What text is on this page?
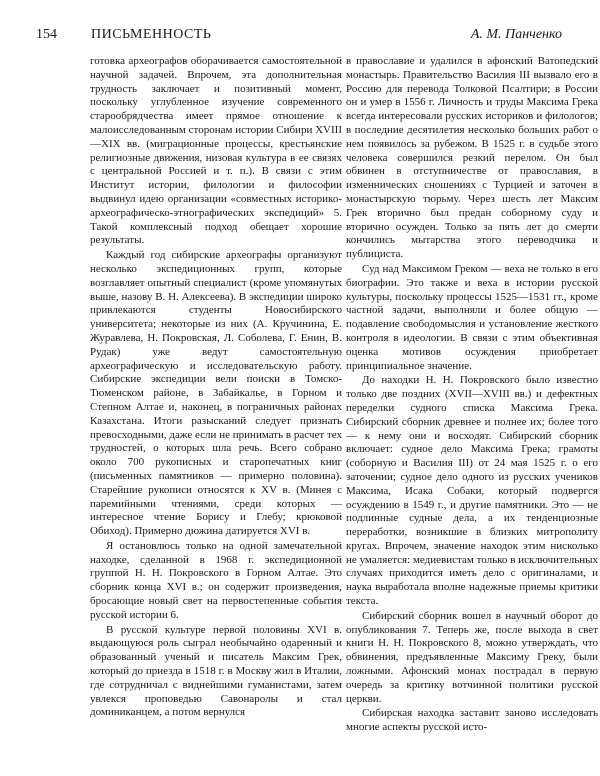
154 ПИСЬМЕННОСТЬ	А. М. Панченко

готовка археографов оборачивается самостоятельной научной задачей. Впрочем, эта дополнительная трудность заключает и позитивный момент, поскольку углубленное изучение современного старообрядчества имеет прямое отношение к малоисследованным сторонам истории Сибири XVIII—XIX вв. (миграционные процессы, крестьянские религиозные движения, низовая культура в ее связях с центральной Россией и т. п.). В связи с этим Институт истории, филологии и философии выдвинул идею организации «совместных историко-археографическо-этнографических экспедиций» 5. Такой комплексный подход обещает хорошие результаты.

Каждый год сибирские археографы организуют несколько экспедиционных групп, которые возглавляет опытный специалист (кроме упомянутых выше, назову В. Н. Алексеева). В экспедиции широко привлекаются студенты Новосибирского университета; некоторые из них (А. Кручинина, Е. Журавлева, Н. Покровская, Л. Соболева, Г. Енин, В. Рудак) уже ведут самостоятельную археографическую и исследовательскую работу. Сибирские экспедиции вели поиски в Томско-Тюменском районе, в Забайкалье, в Горном и Степном Алтае и, наконец, в пограничных районах Казахстана. Итоги разысканий следует признать превосходными, даже если не принимать в расчет тех трудностей, о которых шла речь. Всего собрано около 700 рукописных и старопечатных книг (письменных памятников — примерно половина). Старейшие рукописи относятся к XV в. (Минея с паремийными чтениями, среди которых — интересное чтение Борису и Глебу; крюковой Обиход). Примерно дюжина датируется XVI в.

Я остановлюсь только на одной замечательной находке, сделанной в 1968 г. экспедиционной группой Н. Н. Покровского в Горном Алтае. Это сборник конца XVI в.; он содержит произведения, бросающие новый свет на первостепенные события русской истории 6.

В русской культуре первой половины XVI в. выдающуюся роль сыграл необычайно одаренный и образованный ученый и писатель Максим Грек, который до приезда в 1518 г. в Москву жил в Италии, где сотрудничал с виднейшими гуманистами, затем увлекся проповедью Савонаролы и стал доминиканцем, а потом вернулся

в православие и удалился в афонский Ватопедский монастырь. Правительство Василия III вызвало его в Россию для перевода Толковой Псалтири; в России он и умер в 1556 г. Личность и труды Максима Грека всегда интересовали русских историков и филологов; в последние десятилетия несколько больших работ о нем появилось за рубежом. В 1525 г. в судьбе этого человека совершился резкий перелом. Он был обвинен в отступничестве от православия, в изменнических сношениях с Турцией и заточен в монастырскую тюрьму. Через шесть лет Максим Грек вторично был предан соборному суду и вторично осужден. Только за пять лет до смерти кончились мытарства этого переводчика и публициста.

Суд над Максимом Греком — веха не только в его биографии. Это также и веха в истории русской культуры, поскольку процессы 1525—1531 гг., кроме частной задачи, выполняли и более общую — подавление свободомыслия и установление жесткого контроля в идеологии. В связи с этим объективная оценка мотивов осуждения приобретает принципиальное значение.

До находки Н. Н. Покровского было известно только две поздних (XVII—XVIII вв.) и дефектных переделки судного списка Максима Грека. Сибирский сборник древнее и полнее их; более того — к нему они и восходят. Сибирский сборник включает: судное дело Максима Грека; грамоты (соборную и Василия III) от 24 мая 1525 г. о его заточении; судное дело одного из русских учеников Максима, Исака Собаки, который подвергся осуждению в 1549 г., и другие памятники. Это — не подлинные судные дела, а их тенденциозные переработки, возникшие в близких митрополиту кругах. Впрочем, значение находок этим нисколько не умаляется: медиевистам только в исключительных случаях приходится иметь дело с оригиналами, и наука выработала вполне надежные приемы критики текста.

Сибирский сборник вошел в научный оборот до опубликования 7. Теперь же, после выхода в свет книги Н. Н. Покровского 8, можно утверждать, что обвинения, предъявленные Максиму Греку, были ложными. Афонский монах пострадал в первую очередь за критику вотчинной политики русской церкви.

Сибирская находка заставит заново исследовать многие аспекты русской исто-
